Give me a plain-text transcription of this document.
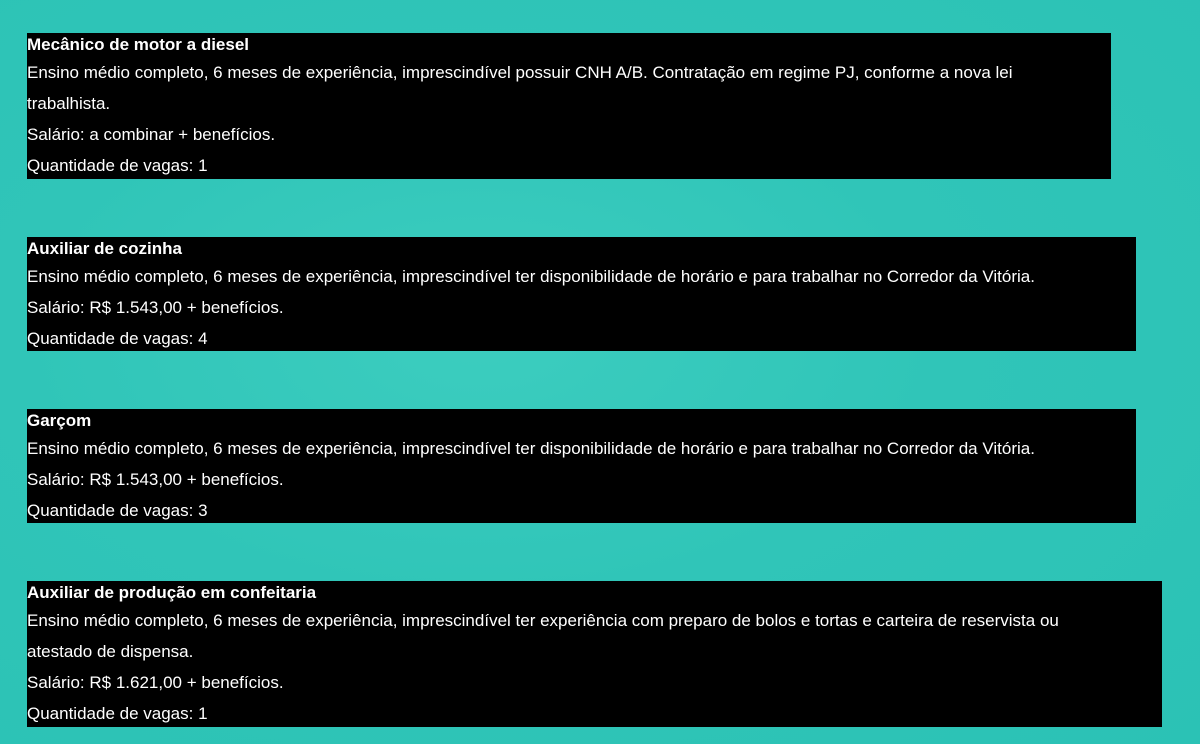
Mecânico de motor a diesel
Ensino médio completo, 6 meses de experiência, imprescindível possuir CNH A/B. Contratação em regime PJ, conforme a nova lei
trabalhista.
Salário: a combinar + benefícios.
Quantidade de vagas: 1
Auxiliar de cozinha
Ensino médio completo, 6 meses de experiência, imprescindível ter disponibilidade de horário e para trabalhar no Corredor da Vitória.
Salário: R$ 1.543,00 + benefícios.
Quantidade de vagas: 4
Garçom
Ensino médio completo, 6 meses de experiência, imprescindível ter disponibilidade de horário e para trabalhar no Corredor da Vitória.
Salário: R$ 1.543,00 + benefícios.
Quantidade de vagas: 3
Auxiliar de produção em confeitaria
Ensino médio completo, 6 meses de experiência, imprescindível ter experiência com preparo de bolos e tortas e carteira de reservista ou
atestado de dispensa.
Salário: R$ 1.621,00 + benefícios.
Quantidade de vagas: 1
